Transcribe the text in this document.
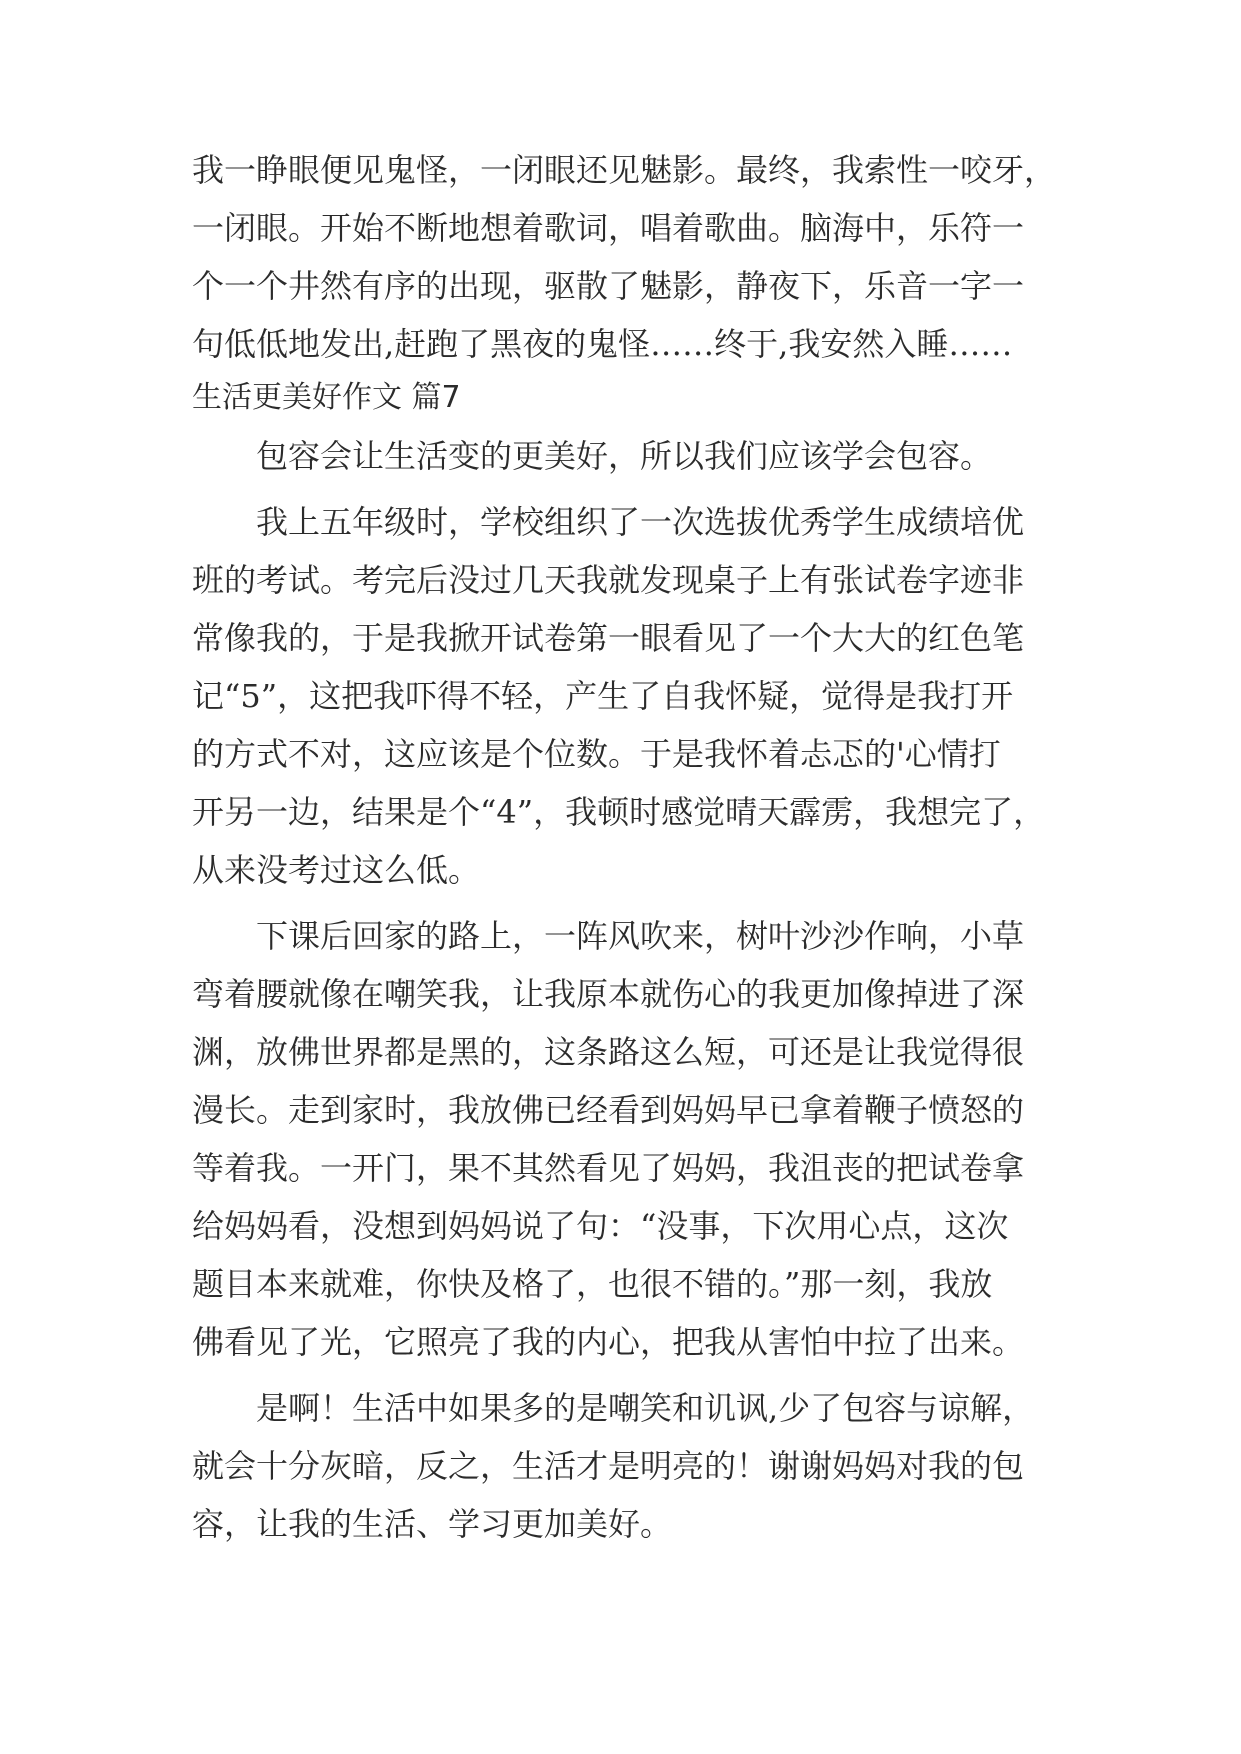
我一睁眼便见鬼怪，一闭眼还见魅影。最终，我索性一咬牙，

一闭眼。开始不断地想着歌词，唱着歌曲。脑海中，乐符一

个一个井然有序的出现，驱散了魅影，静夜下，乐音一字一

句低低地发出,赶跑了黑夜的鬼怪……终于,我安然入睡……

生活更美好作文 篇7

包容会让生活变的更美好，所以我们应该学会包容。

我上五年级时，学校组织了一次选拔优秀学生成绩培优

班的考试。考完后没过几天我就发现桌子上有张试卷字迹非

常像我的，于是我掀开试卷第一眼看见了一个大大的红色笔

记“5”，这把我吓得不轻，产生了自我怀疑，觉得是我打开

的方式不对，这应该是个位数。于是我怀着忐忑的'心情打

开另一边，结果是个“4”，我顿时感觉晴天霹雳，我想完了，

从来没考过这么低。

下课后回家的路上，一阵风吹来，树叶沙沙作响，小草

弯着腰就像在嘲笑我，让我原本就伤心的我更加像掉进了深

渊，放佛世界都是黑的，这条路这么短，可还是让我觉得很

漫长。走到家时，我放佛已经看到妈妈早已拿着鞭子愤怒的

等着我。一开门，果不其然看见了妈妈，我沮丧的把试卷拿

给妈妈看，没想到妈妈说了句：“没事，下次用心点，这次

题目本来就难，你快及格了，也很不错的。”那一刻，我放

佛看见了光，它照亮了我的内心，把我从害怕中拉了出来。

是啊！生活中如果多的是嘲笑和讥讽,少了包容与谅解，

就会十分灰暗，反之，生活才是明亮的！谢谢妈妈对我的包

容，让我的生活、学习更加美好。
